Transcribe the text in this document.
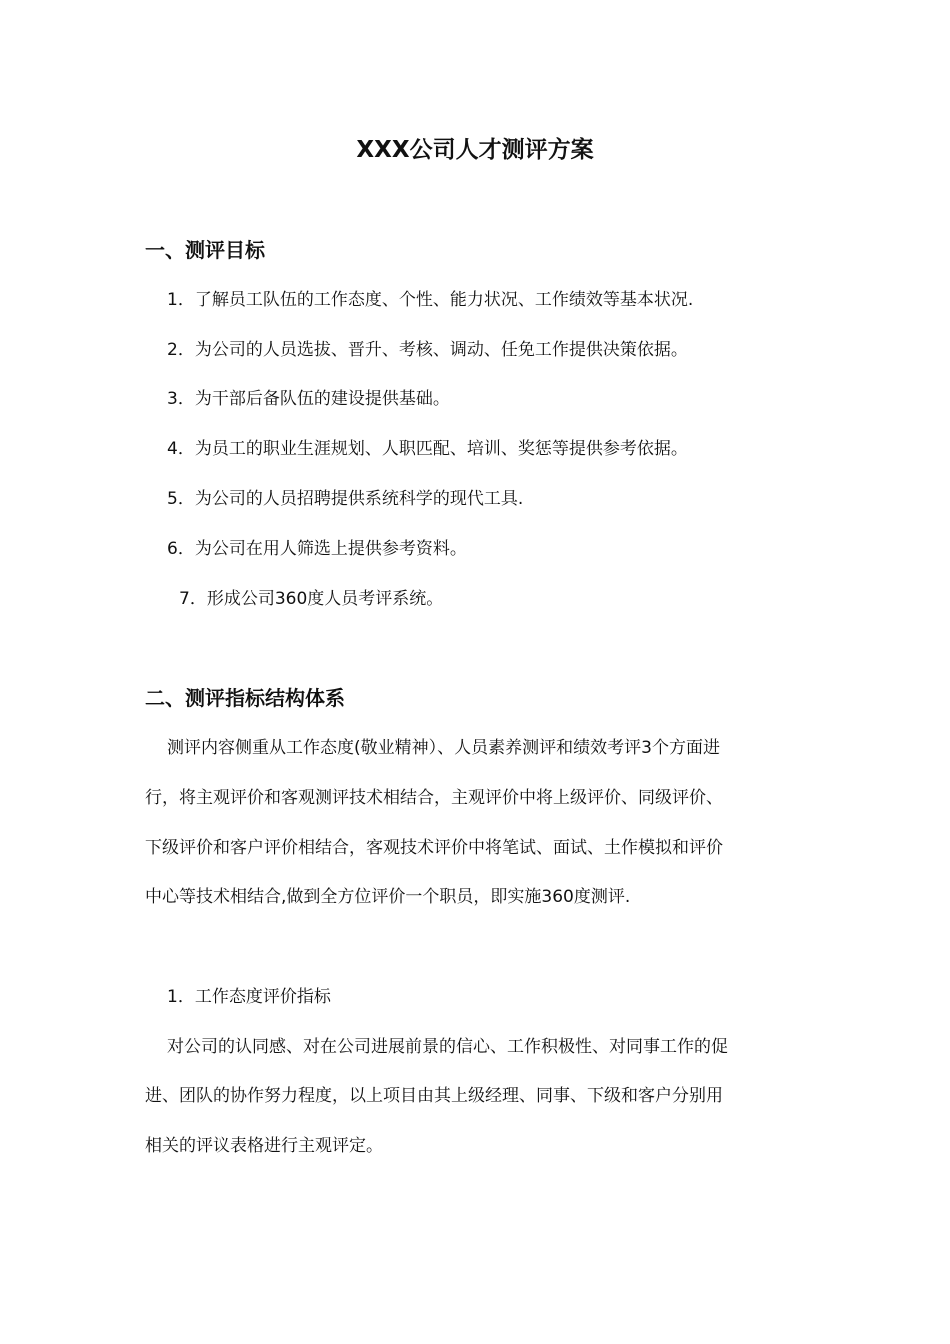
XXX公司人才测评方案
一、测评目标
1．了解员工队伍的工作态度、个性、能力状况、工作绩效等基本状况.
2．为公司的人员选拔、晋升、考核、调动、任免工作提供决策依据。
3．为干部后备队伍的建设提供基础。
4．为员工的职业生涯规划、人职匹配、培训、奖惩等提供参考依据。
5．为公司的人员招聘提供系统科学的现代工具.
6．为公司在用人筛选上提供参考资料。
7．形成公司360度人员考评系统。
二、测评指标结构体系
测评内容侧重从工作态度(敬业精神）、人员素养测评和绩效考评3个方面进
行，将主观评价和客观测评技术相结合，主观评价中将上级评价、同级评价、
下级评价和客户评价相结合，客观技术评价中将笔试、面试、土作模拟和评价
中心等技术相结合,做到全方位评价一个职员，即实施360度测评.
1．工作态度评价指标
对公司的认同感、对在公司进展前景的信心、工作积极性、对同事工作的促
进、团队的协作努力程度，以上项目由其上级经理、同事、下级和客户分别用
相关的评议表格进行主观评定。
